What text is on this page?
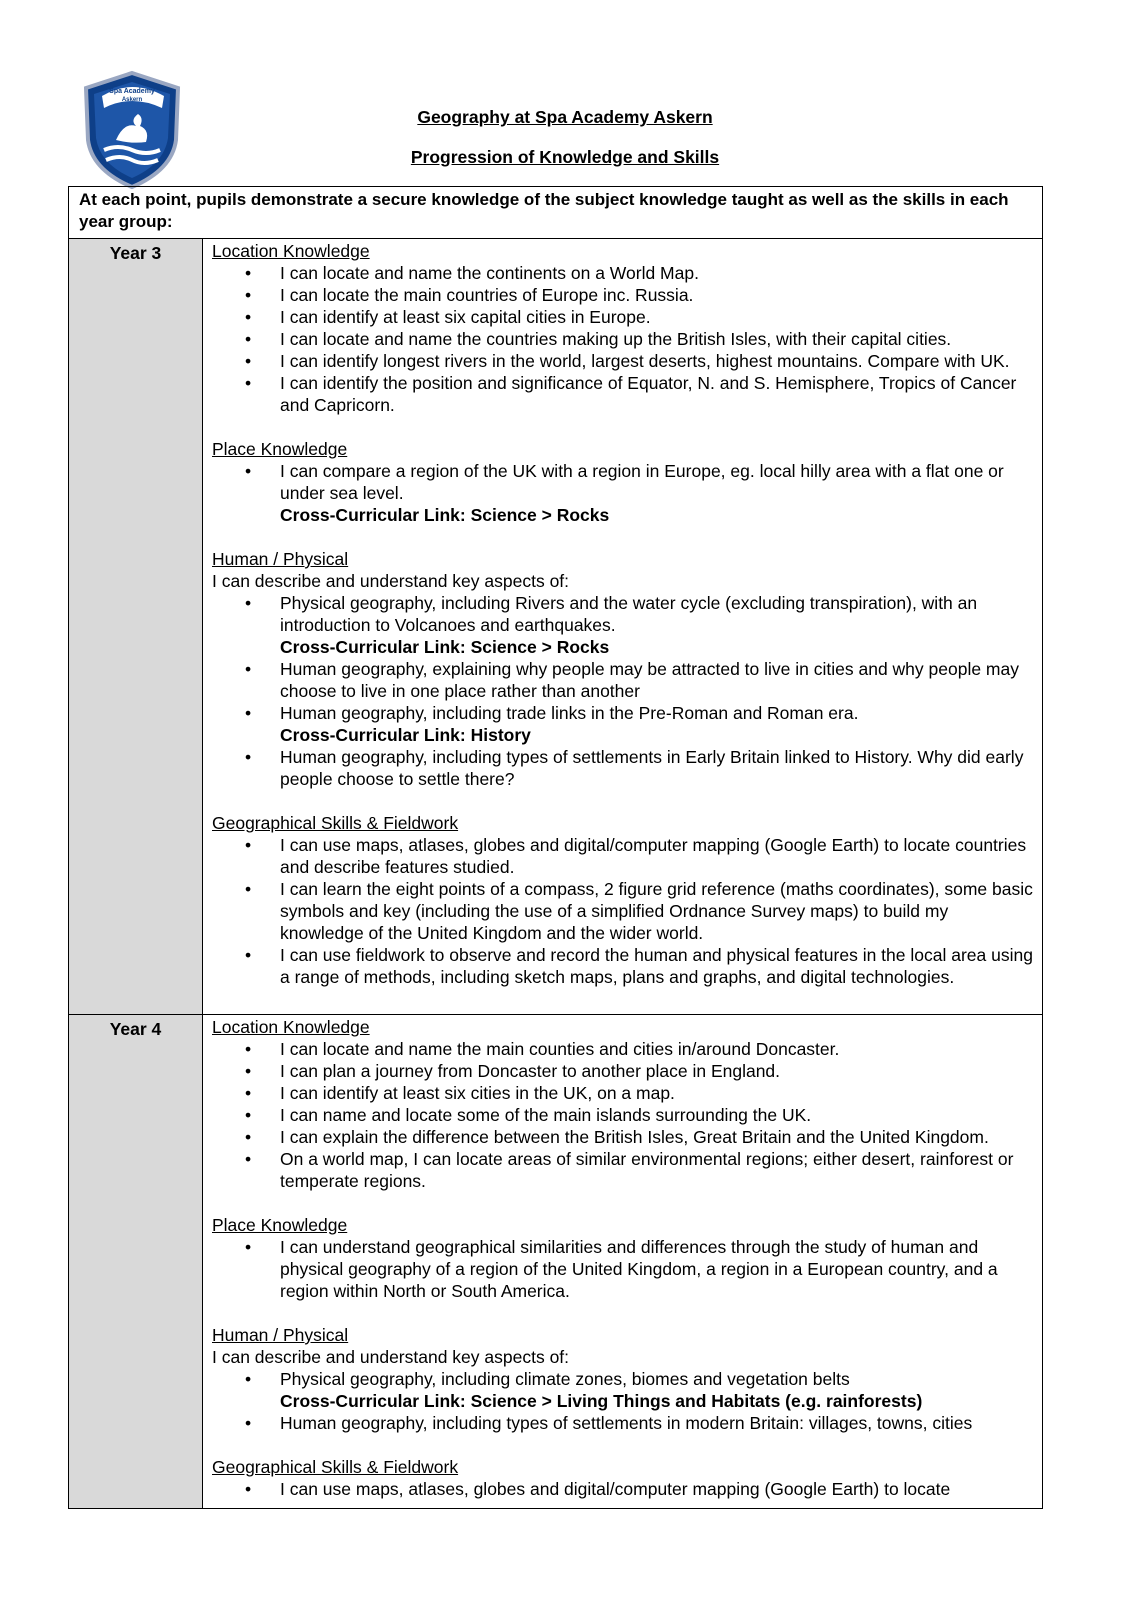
Spa Academy
Askern
Geography at Spa Academy Askern
Progression of Knowledge and Skills
At each point, pupils demonstrate a secure knowledge of the subject knowledge taught as well as the skills in each year group:
Year 3	Location Knowledge
• I can locate and name the continents on a World Map.
• I can locate the main countries of Europe inc. Russia.
• I can identify at least six capital cities in Europe.
• I can locate and name the countries making up the British Isles, with their capital cities.
• I can identify longest rivers in the world, largest deserts, highest mountains. Compare with UK.
• I can identify the position and significance of Equator, N. and S. Hemisphere, Tropics of Cancer and Capricorn.
Place Knowledge
• I can compare a region of the UK with a region in Europe, eg. local hilly area with a flat one or under sea level.
Cross-Curricular Link: Science > Rocks
Human / Physical
I can describe and understand key aspects of:
• Physical geography, including Rivers and the water cycle (excluding transpiration), with an introduction to Volcanoes and earthquakes.
Cross-Curricular Link: Science > Rocks
• Human geography, explaining why people may be attracted to live in cities and why people may choose to live in one place rather than another
• Human geography, including trade links in the Pre-Roman and Roman era.
Cross-Curricular Link: History
• Human geography, including types of settlements in Early Britain linked to History. Why did early people choose to settle there?
Geographical Skills & Fieldwork
• I can use maps, atlases, globes and digital/computer mapping (Google Earth) to locate countries and describe features studied.
• I can learn the eight points of a compass, 2 figure grid reference (maths coordinates), some basic symbols and key (including the use of a simplified Ordnance Survey maps) to build my knowledge of the United Kingdom and the wider world.
• I can use fieldwork to observe and record the human and physical features in the local area using a range of methods, including sketch maps, plans and graphs, and digital technologies.
Year 4	Location Knowledge
• I can locate and name the main counties and cities in/around Doncaster.
• I can plan a journey from Doncaster to another place in England.
• I can identify at least six cities in the UK, on a map.
• I can name and locate some of the main islands surrounding the UK.
• I can explain the difference between the British Isles, Great Britain and the United Kingdom.
• On a world map, I can locate areas of similar environmental regions; either desert, rainforest or temperate regions.
Place Knowledge
• I can understand geographical similarities and differences through the study of human and physical geography of a region of the United Kingdom, a region in a European country, and a region within North or South America.
Human / Physical
I can describe and understand key aspects of:
• Physical geography, including climate zones, biomes and vegetation belts
Cross-Curricular Link: Science > Living Things and Habitats (e.g. rainforests)
• Human geography, including types of settlements in modern Britain: villages, towns, cities
Geographical Skills & Fieldwork
• I can use maps, atlases, globes and digital/computer mapping (Google Earth) to locate
